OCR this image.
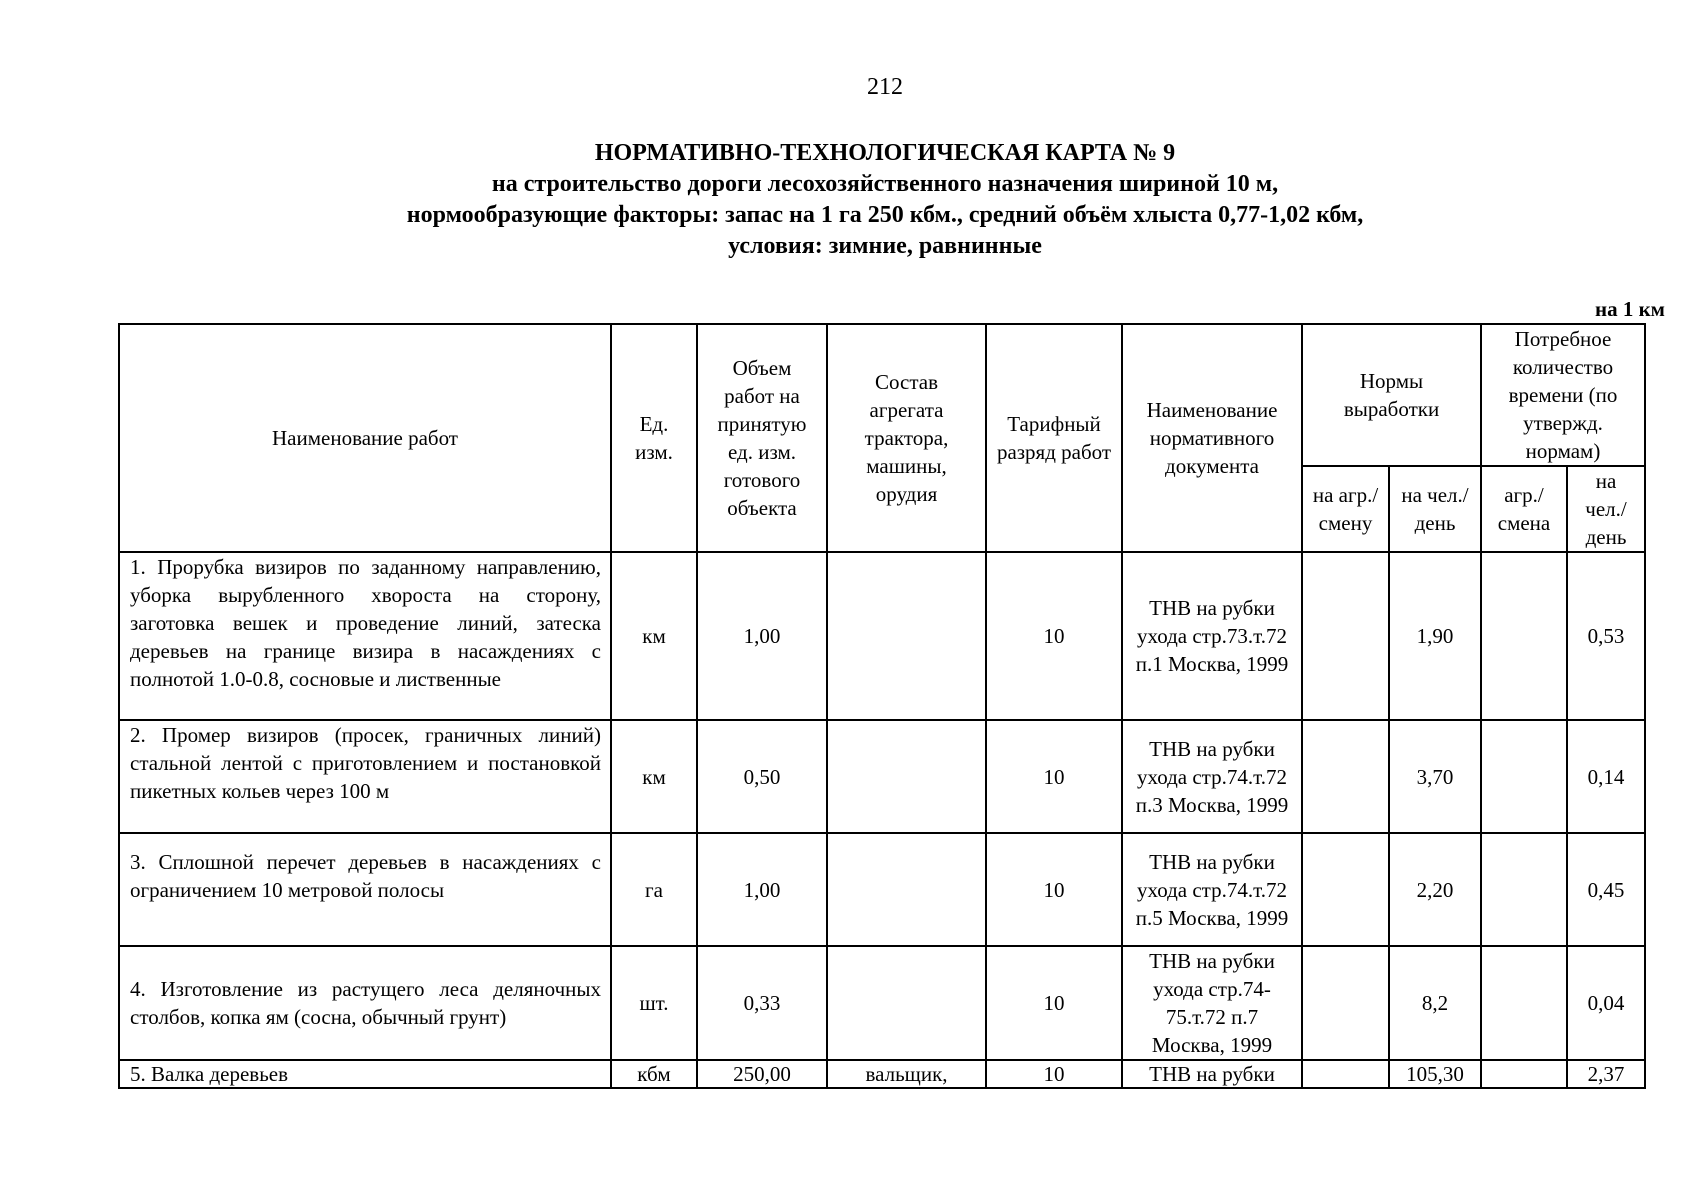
212
НОРМАТИВНО-ТЕХНОЛОГИЧЕСКАЯ КАРТА № 9
на строительство дороги лесохозяйственного назначения шириной 10 м,
нормообразующие факторы: запас на 1 га 250 кбм., средний объём хлыста 0,77-1,02 кбм,
условия: зимние, равнинные
на 1 км
Наименование работ	Ед. изм.	Объем работ на принятую ед. изм. готового объекта	Состав агрегата трактора, машины, орудия	Тарифный разряд работ	Наименование нормативного документа	Нормы выработки		Потребное количество времени (по утвержд. нормам)	
						на агр./ смену	на чел./ день	агр./ смена	на чел./ день
1. Прорубка визиров по заданному направлению, уборка вырубленного хвороста на сторону, заготовка вешек и проведение линий, затеска деревьев на границе визира в насаждениях с полнотой 1.0-0.8, сосновые и лиственные	км	1,00		10	ТНВ на рубки ухода стр.73.т.72 п.1 Москва, 1999		1,90		0,53
2. Промер визиров (просек, граничных линий) стальной лентой с приготовлением и постановкой пикетных кольев через 100 м	км	0,50		10	ТНВ на рубки ухода стр.74.т.72 п.3 Москва, 1999		3,70		0,14
3. Сплошной перечет деревьев в насаждениях с ограничением 10 метровой полосы	га	1,00		10	ТНВ на рубки ухода стр.74.т.72 п.5 Москва, 1999		2,20		0,45
4. Изготовление из растущего леса деляночных столбов, копка ям (сосна, обычный грунт)	шт.	0,33		10	ТНВ на рубки ухода стр.74-75.т.72 п.7 Москва, 1999		8,2		0,04
5. Валка деревьев	кбм	250,00	вальщик,	10	ТНВ на рубки		105,30		2,37
